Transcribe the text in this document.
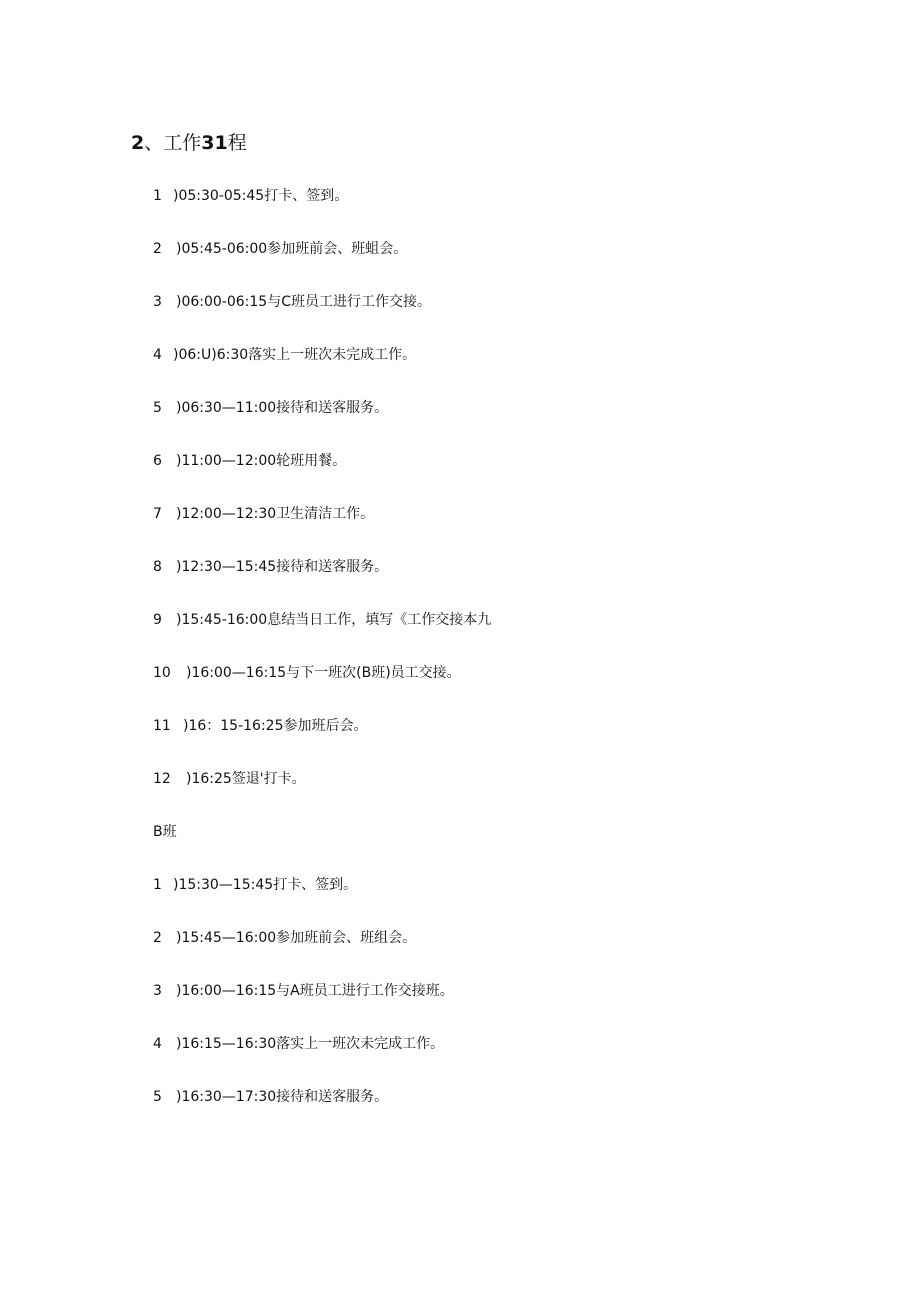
2、工作31程
1 )05:30-05:45打卡、签到。
2 )05:45-06:00参加班前会、班蛆会。
3 )06:00-06:15与C班员工进行工作交接。
4 )06:U)6:30落实上一班次未完成工作。
5 )06:30—11:00接待和送客服务。
6 )11:00—12:00轮班用餐。
7 )12:00—12:30卫生清洁工作。
8 )12:30—15:45接待和送客服务。
9 )15:45-16:00息结当日工作，填写《工作交接本九
10 )16:00—16:15与下一班次(B班)员工交接。
11 )16：15-16:25参加班后会。
12 )16:25签退'打卡。
B班
1 )15:30—15:45打卡、签到。
2 )15:45—16:00参加班前会、班组会。
3 )16:00—16:15与A班员工进行工作交接班。
4 )16:15—16:30落实上一班次未完成工作。
5 )16:30—17:30接待和送客服务。
